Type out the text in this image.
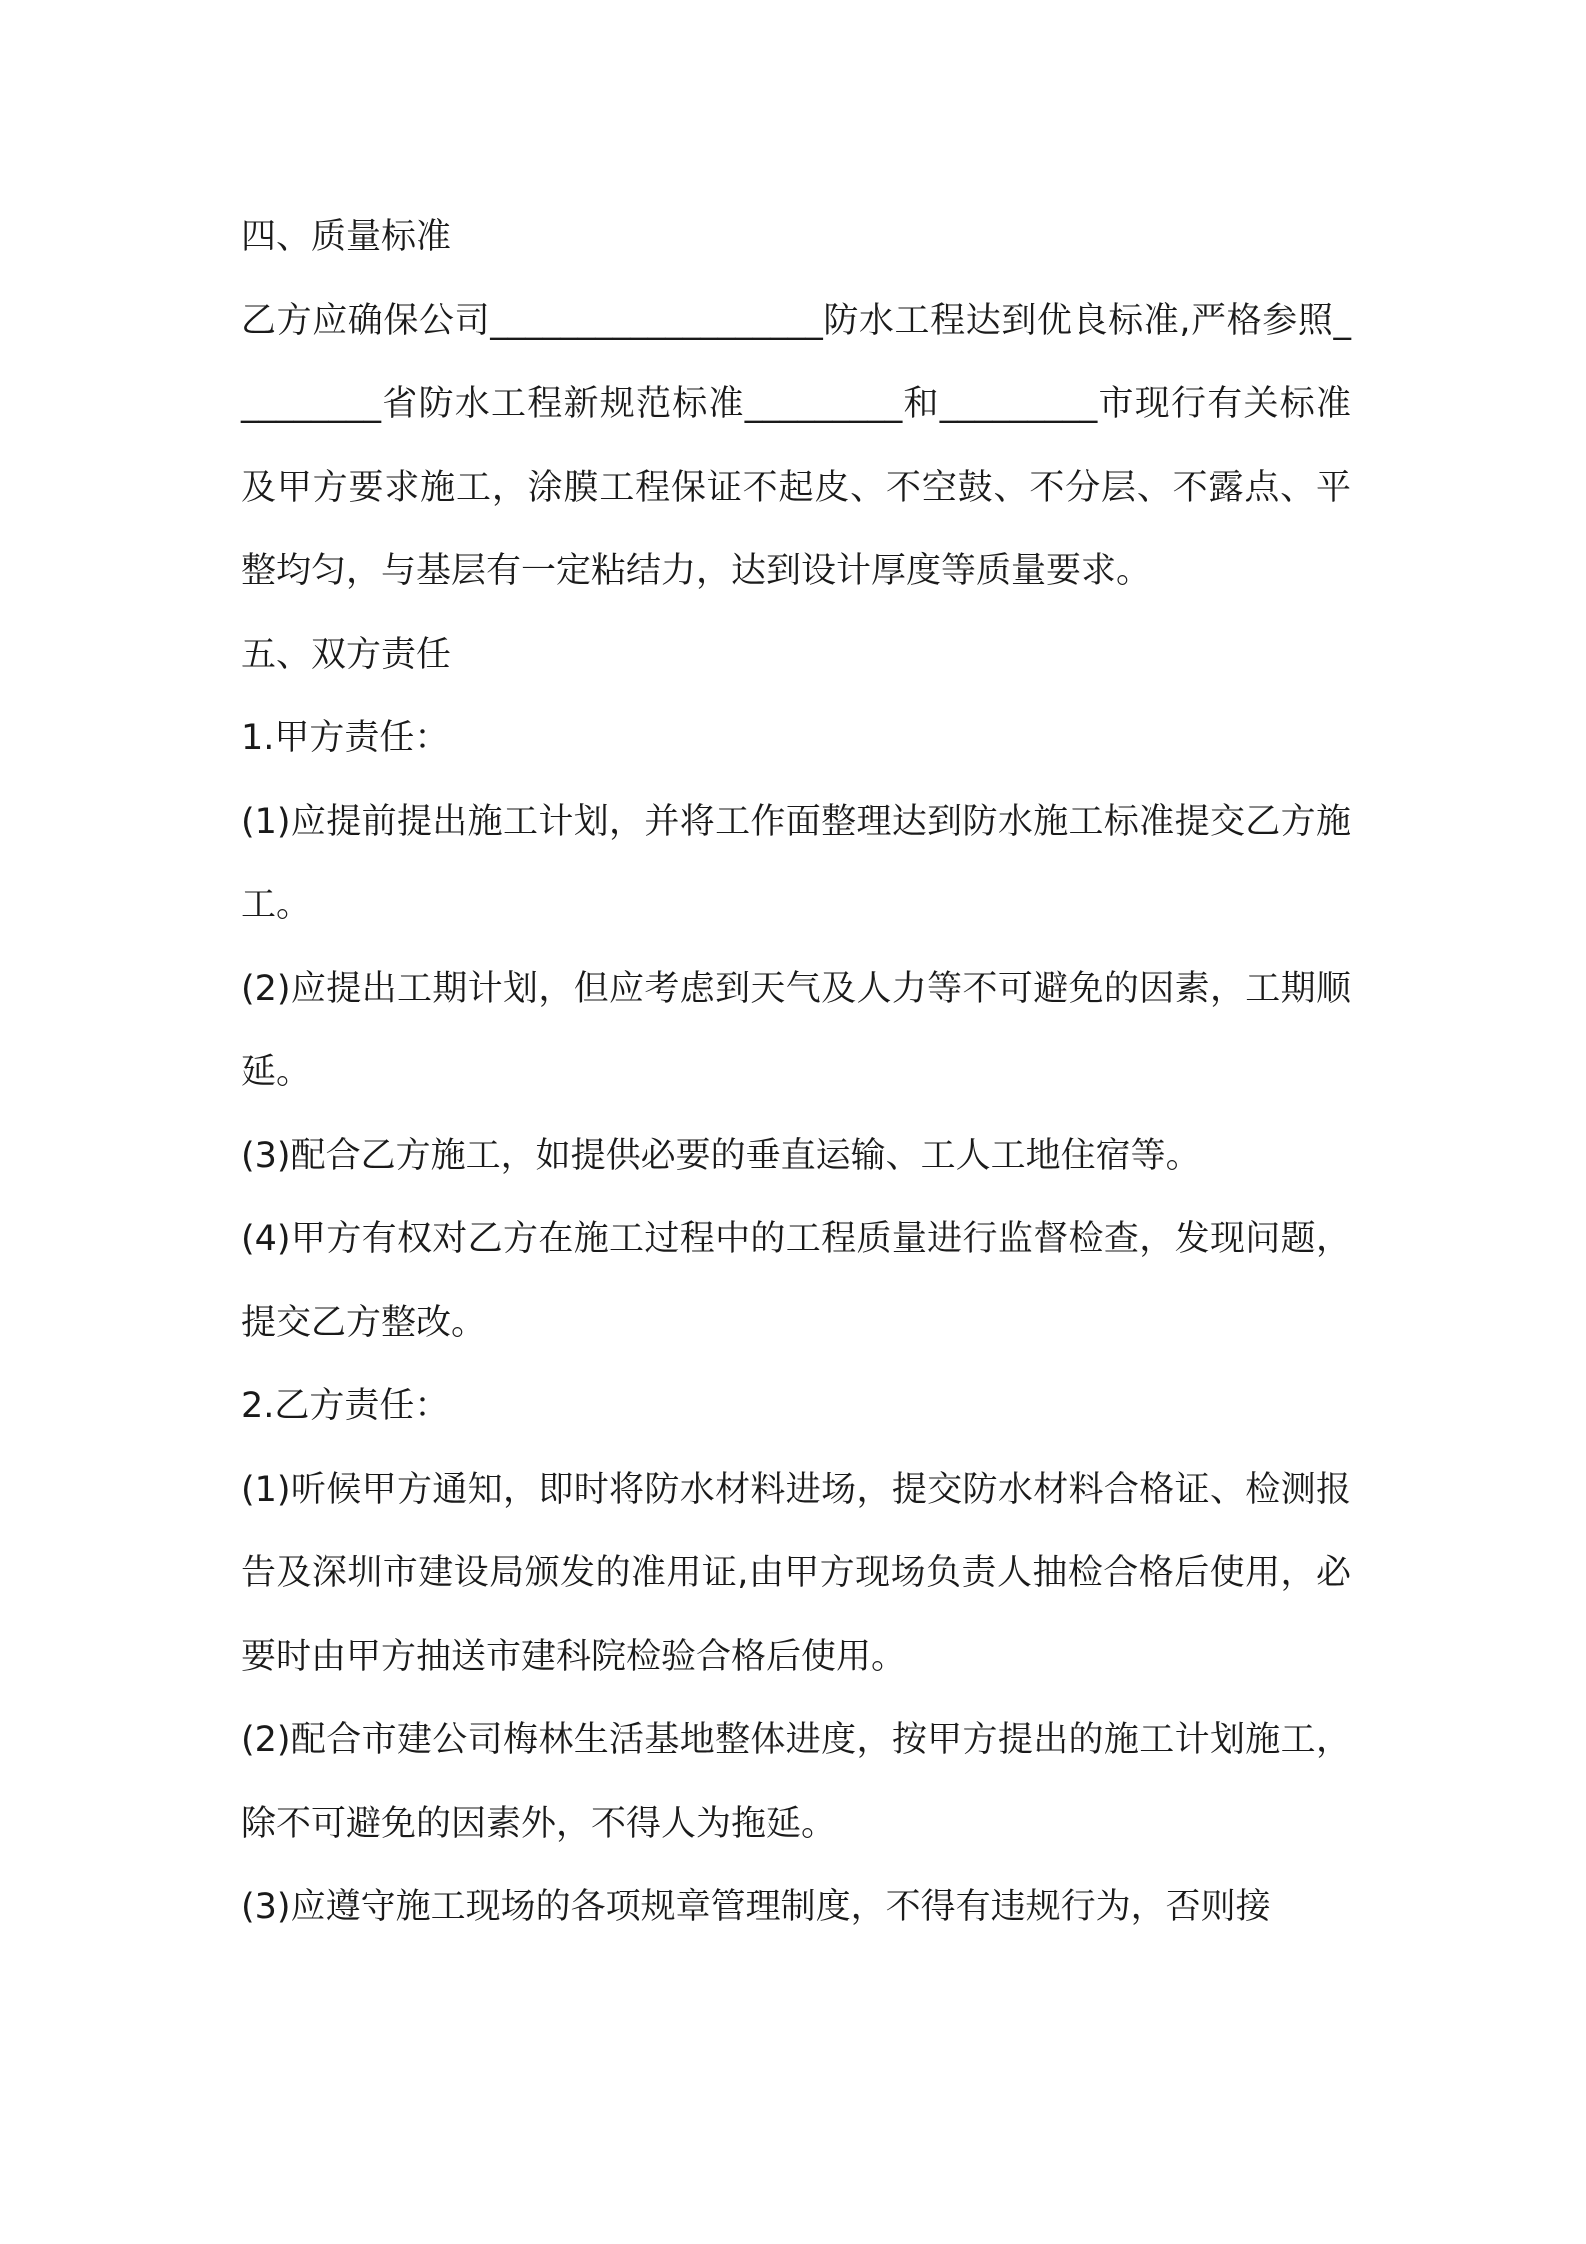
四、质量标准

乙方应确保公司___________________防水工程达到优良标准,严格参照_________省防水工程新规范标准_________和_________市现行有关标准及甲方要求施工，涂膜工程保证不起皮、不空鼓、不分层、不露点、平整均匀，与基层有一定粘结力，达到设计厚度等质量要求。

五、双方责任

1.甲方责任：

(1)应提前提出施工计划，并将工作面整理达到防水施工标准提交乙方施工。

(2)应提出工期计划，但应考虑到天气及人力等不可避免的因素，工期顺延。

(3)配合乙方施工，如提供必要的垂直运输、工人工地住宿等。

(4)甲方有权对乙方在施工过程中的工程质量进行监督检查，发现问题，提交乙方整改。

2.乙方责任：

(1)听候甲方通知，即时将防水材料进场，提交防水材料合格证、检测报告及深圳市建设局颁发的准用证,由甲方现场负责人抽检合格后使用，必要时由甲方抽送市建科院检验合格后使用。

(2)配合市建公司梅林生活基地整体进度，按甲方提出的施工计划施工，除不可避免的因素外，不得人为拖延。

(3)应遵守施工现场的各项规章管理制度，不得有违规行为，否则接
